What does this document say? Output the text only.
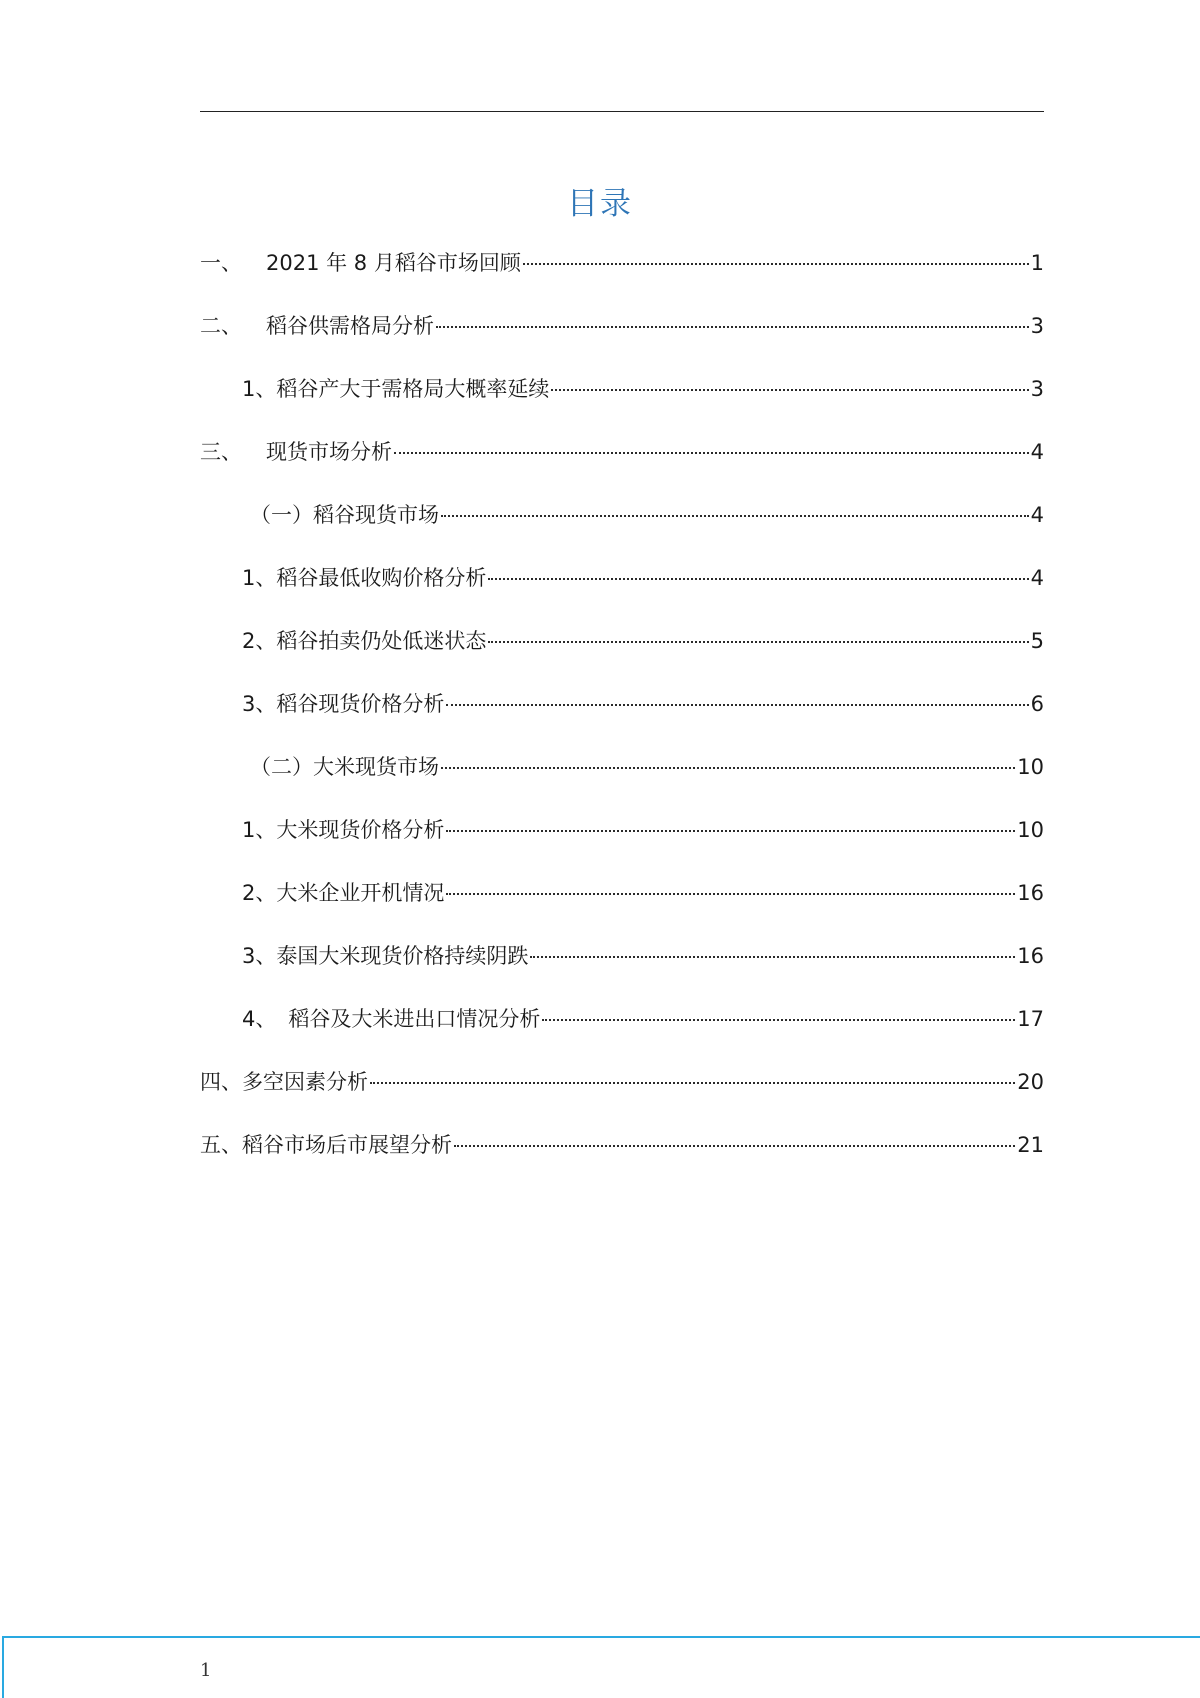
目录
一、 2021 年 8 月稻谷市场回顾	1
二、 稻谷供需格局分析	3
1、稻谷产大于需格局大概率延续	3
三、 现货市场分析	4
（一）稻谷现货市场	4
1、稻谷最低收购价格分析	4
2、稻谷拍卖仍处低迷状态	5
3、稻谷现货价格分析	6
（二）大米现货市场	10
1、大米现货价格分析	10
2、大米企业开机情况	16
3、泰国大米现货价格持续阴跌	16
4、 稻谷及大米进出口情况分析	17
四、多空因素分析	20
五、稻谷市场后市展望分析	21
1
